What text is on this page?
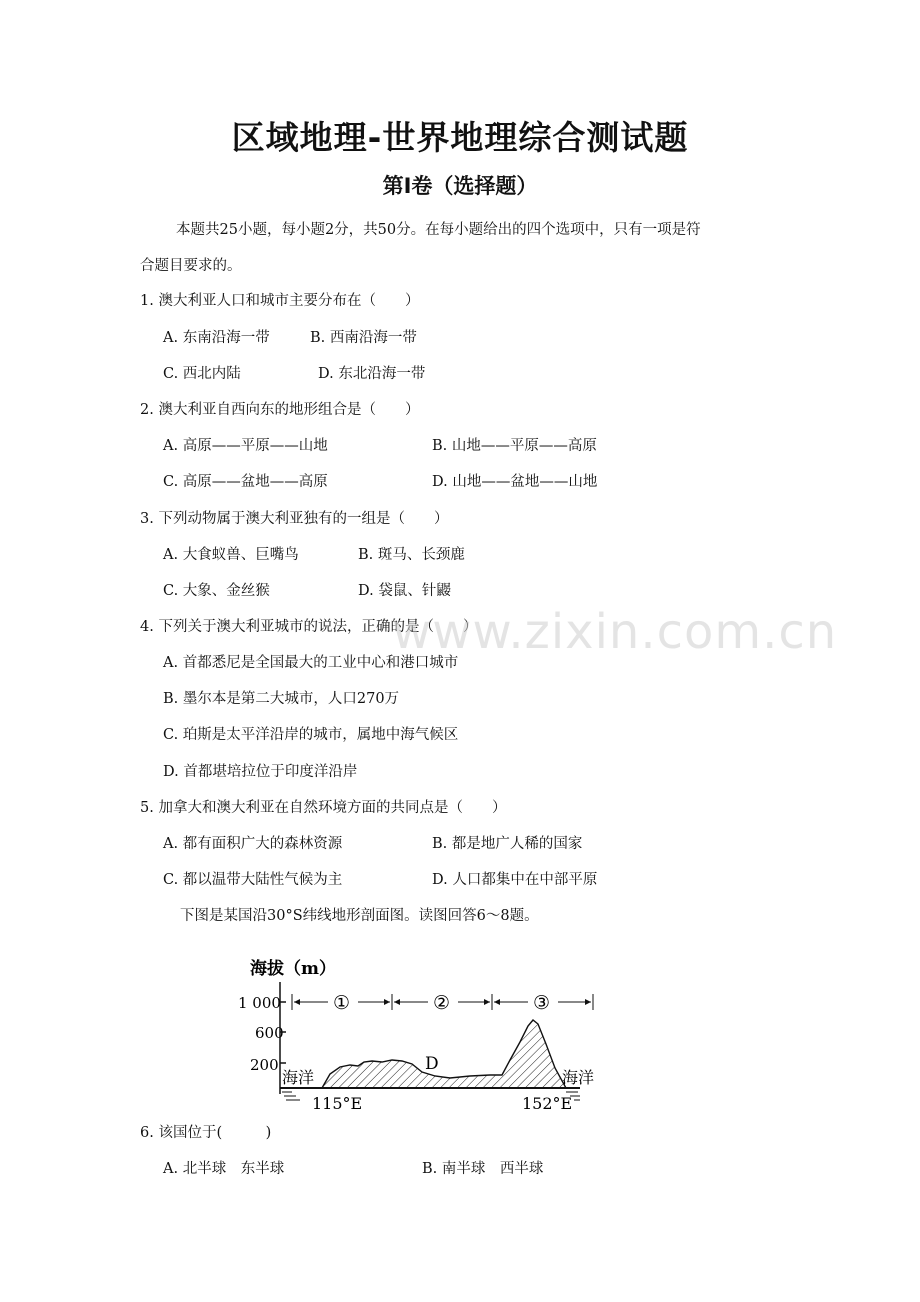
区域地理-世界地理综合测试题
第Ⅰ卷（选择题）
本题共25小题，每小题2分，共50分。在每小题给出的四个选项中，只有一项是符
合题目要求的。
1. 澳大利亚人口和城市主要分布在（　　）
A. 东南沿海一带	B. 西南沿海一带
C. 西北内陆	D. 东北沿海一带
2. 澳大利亚自西向东的地形组合是（　　）
A. 高原——平原——山地	B. 山地——平原——高原
C. 高原——盆地——高原	D. 山地——盆地——山地
3. 下列动物属于澳大利亚独有的一组是（　　）
A. 大食蚁兽、巨嘴鸟	B. 斑马、长颈鹿
C. 大象、金丝猴	D. 袋鼠、针鼹
4. 下列关于澳大利亚城市的说法，正确的是（　　）
A. 首都悉尼是全国最大的工业中心和港口城市
B. 墨尔本是第二大城市，人口270万
C. 珀斯是太平洋沿岸的城市，属地中海气候区
D. 首都堪培拉位于印度洋沿岸
5. 加拿大和澳大利亚在自然环境方面的共同点是（　　）
A. 都有面积广大的森林资源	B. 都是地广人稀的国家
C. 都以温带大陆性气候为主	D. 人口都集中在中部平原
下图是某国沿30°S纬线地形剖面图。读图回答6～8题。
海拔（m）
1 000
600
200
①	②	③
海洋	海洋
D
115°E	152°E
6. 该国位于(　　　)
A. 北半球　东半球	B. 南半球　西半球
www.zixin.com.cn
